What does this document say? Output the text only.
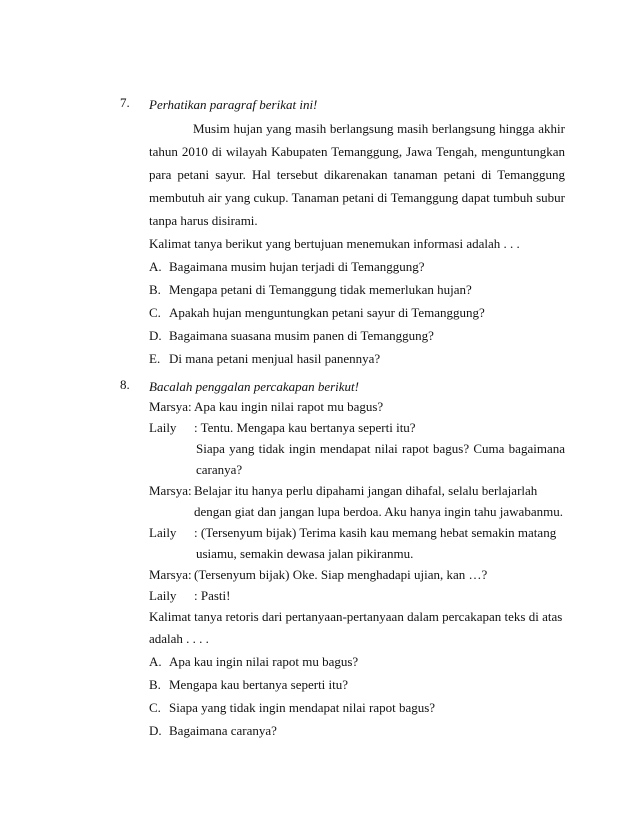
7. Perhatikan paragraf berikat ini!
Musim hujan yang masih berlangsung masih berlangsung hingga akhir tahun 2010 di wilayah Kabupaten Temanggung, Jawa Tengah, menguntungkan para petani sayur. Hal tersebut dikarenakan tanaman petani di Temanggung membutuh air yang cukup. Tanaman petani di Temanggung dapat tumbuh subur tanpa harus disirami.
Kalimat tanya berikut yang bertujuan menemukan informasi adalah . . .
A. Bagaimana musim hujan terjadi di Temanggung?
B. Mengapa petani di Temanggung tidak memerlukan hujan?
C. Apakah hujan menguntungkan petani sayur di Temanggung?
D. Bagaimana suasana musim panen di Temanggung?
E. Di mana petani menjual hasil panennya?
8. Bacalah penggalan percakapan berikut!
Marsya: Apa kau ingin nilai rapot mu bagus?
Laily : Tentu. Mengapa kau bertanya seperti itu?
Siapa yang tidak ingin mendapat nilai rapot bagus? Cuma bagaimana caranya?
Marsya: Belajar itu hanya perlu dipahami jangan dihafal, selalu berlajarlah
dengan giat dan jangan lupa berdoa. Aku hanya ingin tahu jawabanmu.
Laily : (Tersenyum bijak) Terima kasih kau memang hebat semakin matang
usiamu, semakin dewasa jalan pikiranmu.
Marsya: (Tersenyum bijak) Oke. Siap menghadapi ujian, kan …?
Laily : Pasti!
Kalimat tanya retoris dari pertanyaan-pertanyaan dalam percakapan teks di atas
adalah . . . .
A. Apa kau ingin nilai rapot mu bagus?
B. Mengapa kau bertanya seperti itu?
C. Siapa yang tidak ingin mendapat nilai rapot bagus?
D. Bagaimana caranya?
